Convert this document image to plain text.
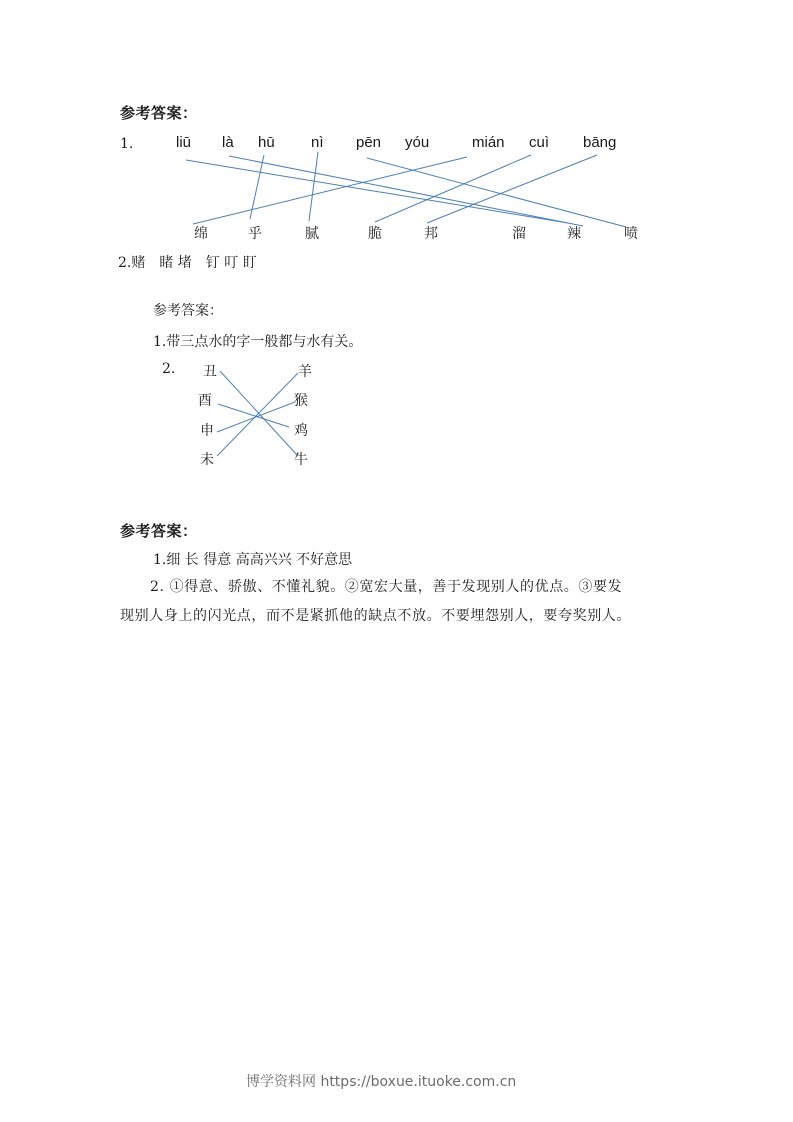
参考答案：
1.	liū là hū nì pēn yóu	mián cuì bāng
绵	乎	腻	脆	邦	溜	辣	喷
2.赌　睹 堵　钉 叮 盯
参考答案：
1.带三点水的字一般都与水有关。
2. 丑
酉
申
未
羊
猴
鸡
牛
参考答案：
1.细 长 得意 高高兴兴 不好意思
2. ①得意、骄傲、不懂礼貌。②宽宏大量，善于发现别人的优点。③要发
现别人身上的闪光点，而不是紧抓他的缺点不放。不要埋怨别人，要夸奖别人。
博学资料网 https://boxue.ituoke.com.cn
